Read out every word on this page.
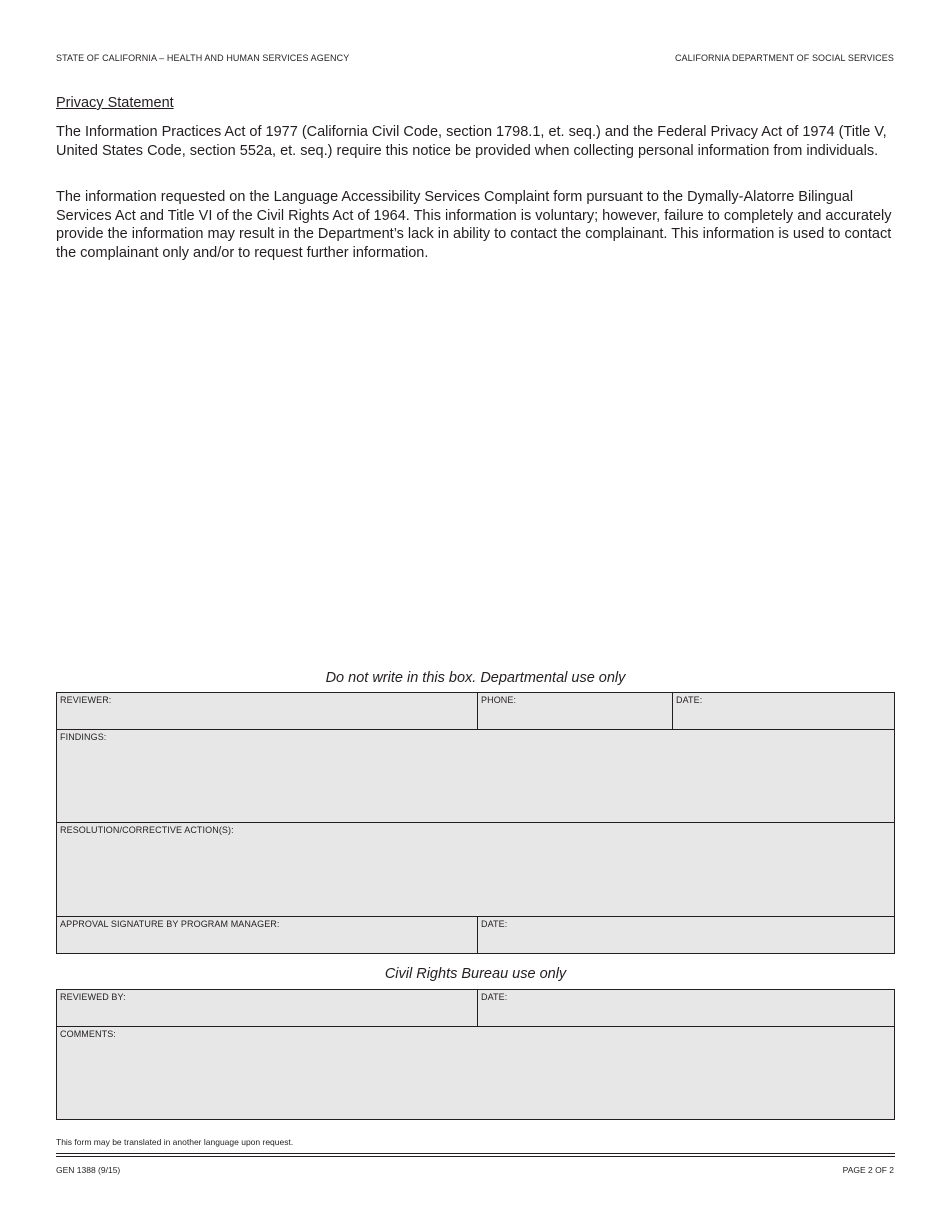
STATE OF CALIFORNIA – HEALTH AND HUMAN SERVICES AGENCY	CALIFORNIA DEPARTMENT OF SOCIAL SERVICES
Privacy Statement

The Information Practices Act of 1977 (California Civil Code, section 1798.1, et. seq.) and the Federal Privacy Act of 1974 (Title V, United States Code, section 552a, et. seq.) require this notice be provided when collecting personal information from individuals.

The information requested on the Language Accessibility Services Complaint form pursuant to the Dymally-Alatorre Bilingual Services Act and Title VI of the Civil Rights Act of 1964. This information is voluntary; however, failure to completely and accurately provide the information may result in the Department’s lack in ability to contact the complainant. This information is used to contact the complainant only and/or to request further information.

Do not write in this box. Departmental use only
REVIEWER:	PHONE:	DATE:
FINDINGS:
RESOLUTION/CORRECTIVE ACTION(S):
APPROVAL SIGNATURE BY PROGRAM MANAGER:	DATE:
Civil Rights Bureau use only
REVIEWED BY:	DATE:
COMMENTS:
This form may be translated in another language upon request.
GEN 1388 (9/15)	PAGE 2 OF 2
